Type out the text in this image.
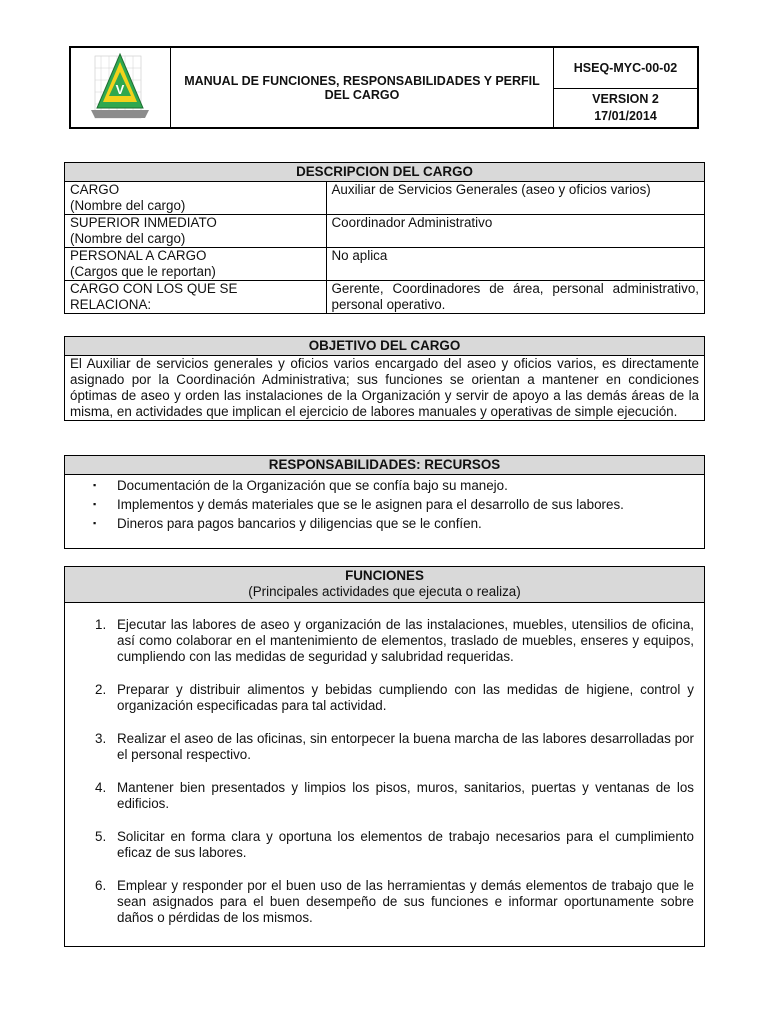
V
MANUAL DE FUNCIONES, RESPONSABILIDADES Y PERFIL
DEL CARGO
HSEQ-MYC-00-02
VERSION 2
17/01/2014
DESCRIPCION DEL CARGO
CARGO
(Nombre del cargo)	Auxiliar de Servicios Generales (aseo y oficios varios)

SUPERIOR INMEDIATO
(Nombre del cargo)	Coordinador Administrativo

PERSONAL A CARGO
(Cargos que le reportan)	No aplica

CARGO CON LOS QUE SE
RELACIONA:	Gerente, Coordinadores de área, personal administrativo, personal operativo.
OBJETIVO DEL CARGO
El Auxiliar de servicios generales y oficios varios encargado del aseo y oficios varios, es directamente asignado por la Coordinación Administrativa; sus funciones se orientan a mantener en condiciones óptimas de aseo y orden las instalaciones de la Organización y servir de apoyo a las demás áreas de la misma, en actividades que implican el ejercicio de labores manuales y operativas de simple ejecución.
RESPONSABILIDADES: RECURSOS
▪ Documentación de la Organización que se confía bajo su manejo.
▪ Implementos y demás materiales que se le asignen para el desarrollo de sus labores.
▪ Dineros para pagos bancarios y diligencias que se le confíen.
FUNCIONES
(Principales actividades que ejecuta o realiza)
1. Ejecutar las labores de aseo y organización de las instalaciones, muebles, utensilios de oficina, así como colaborar en el mantenimiento de elementos, traslado de muebles, enseres y equipos, cumpliendo con las medidas de seguridad y salubridad requeridas.
2. Preparar y distribuir alimentos y bebidas cumpliendo con las medidas de higiene, control y organización especificadas para tal actividad.
3. Realizar el aseo de las oficinas, sin entorpecer la buena marcha de las labores desarrolladas por el personal respectivo.
4. Mantener bien presentados y limpios los pisos, muros, sanitarios, puertas y ventanas de los edificios.
5. Solicitar en forma clara y oportuna los elementos de trabajo necesarios para el cumplimiento eficaz de sus labores.
6. Emplear y responder por el buen uso de las herramientas y demás elementos de trabajo que le sean asignados para el buen desempeño de sus funciones e informar oportunamente sobre daños o pérdidas de los mismos.
